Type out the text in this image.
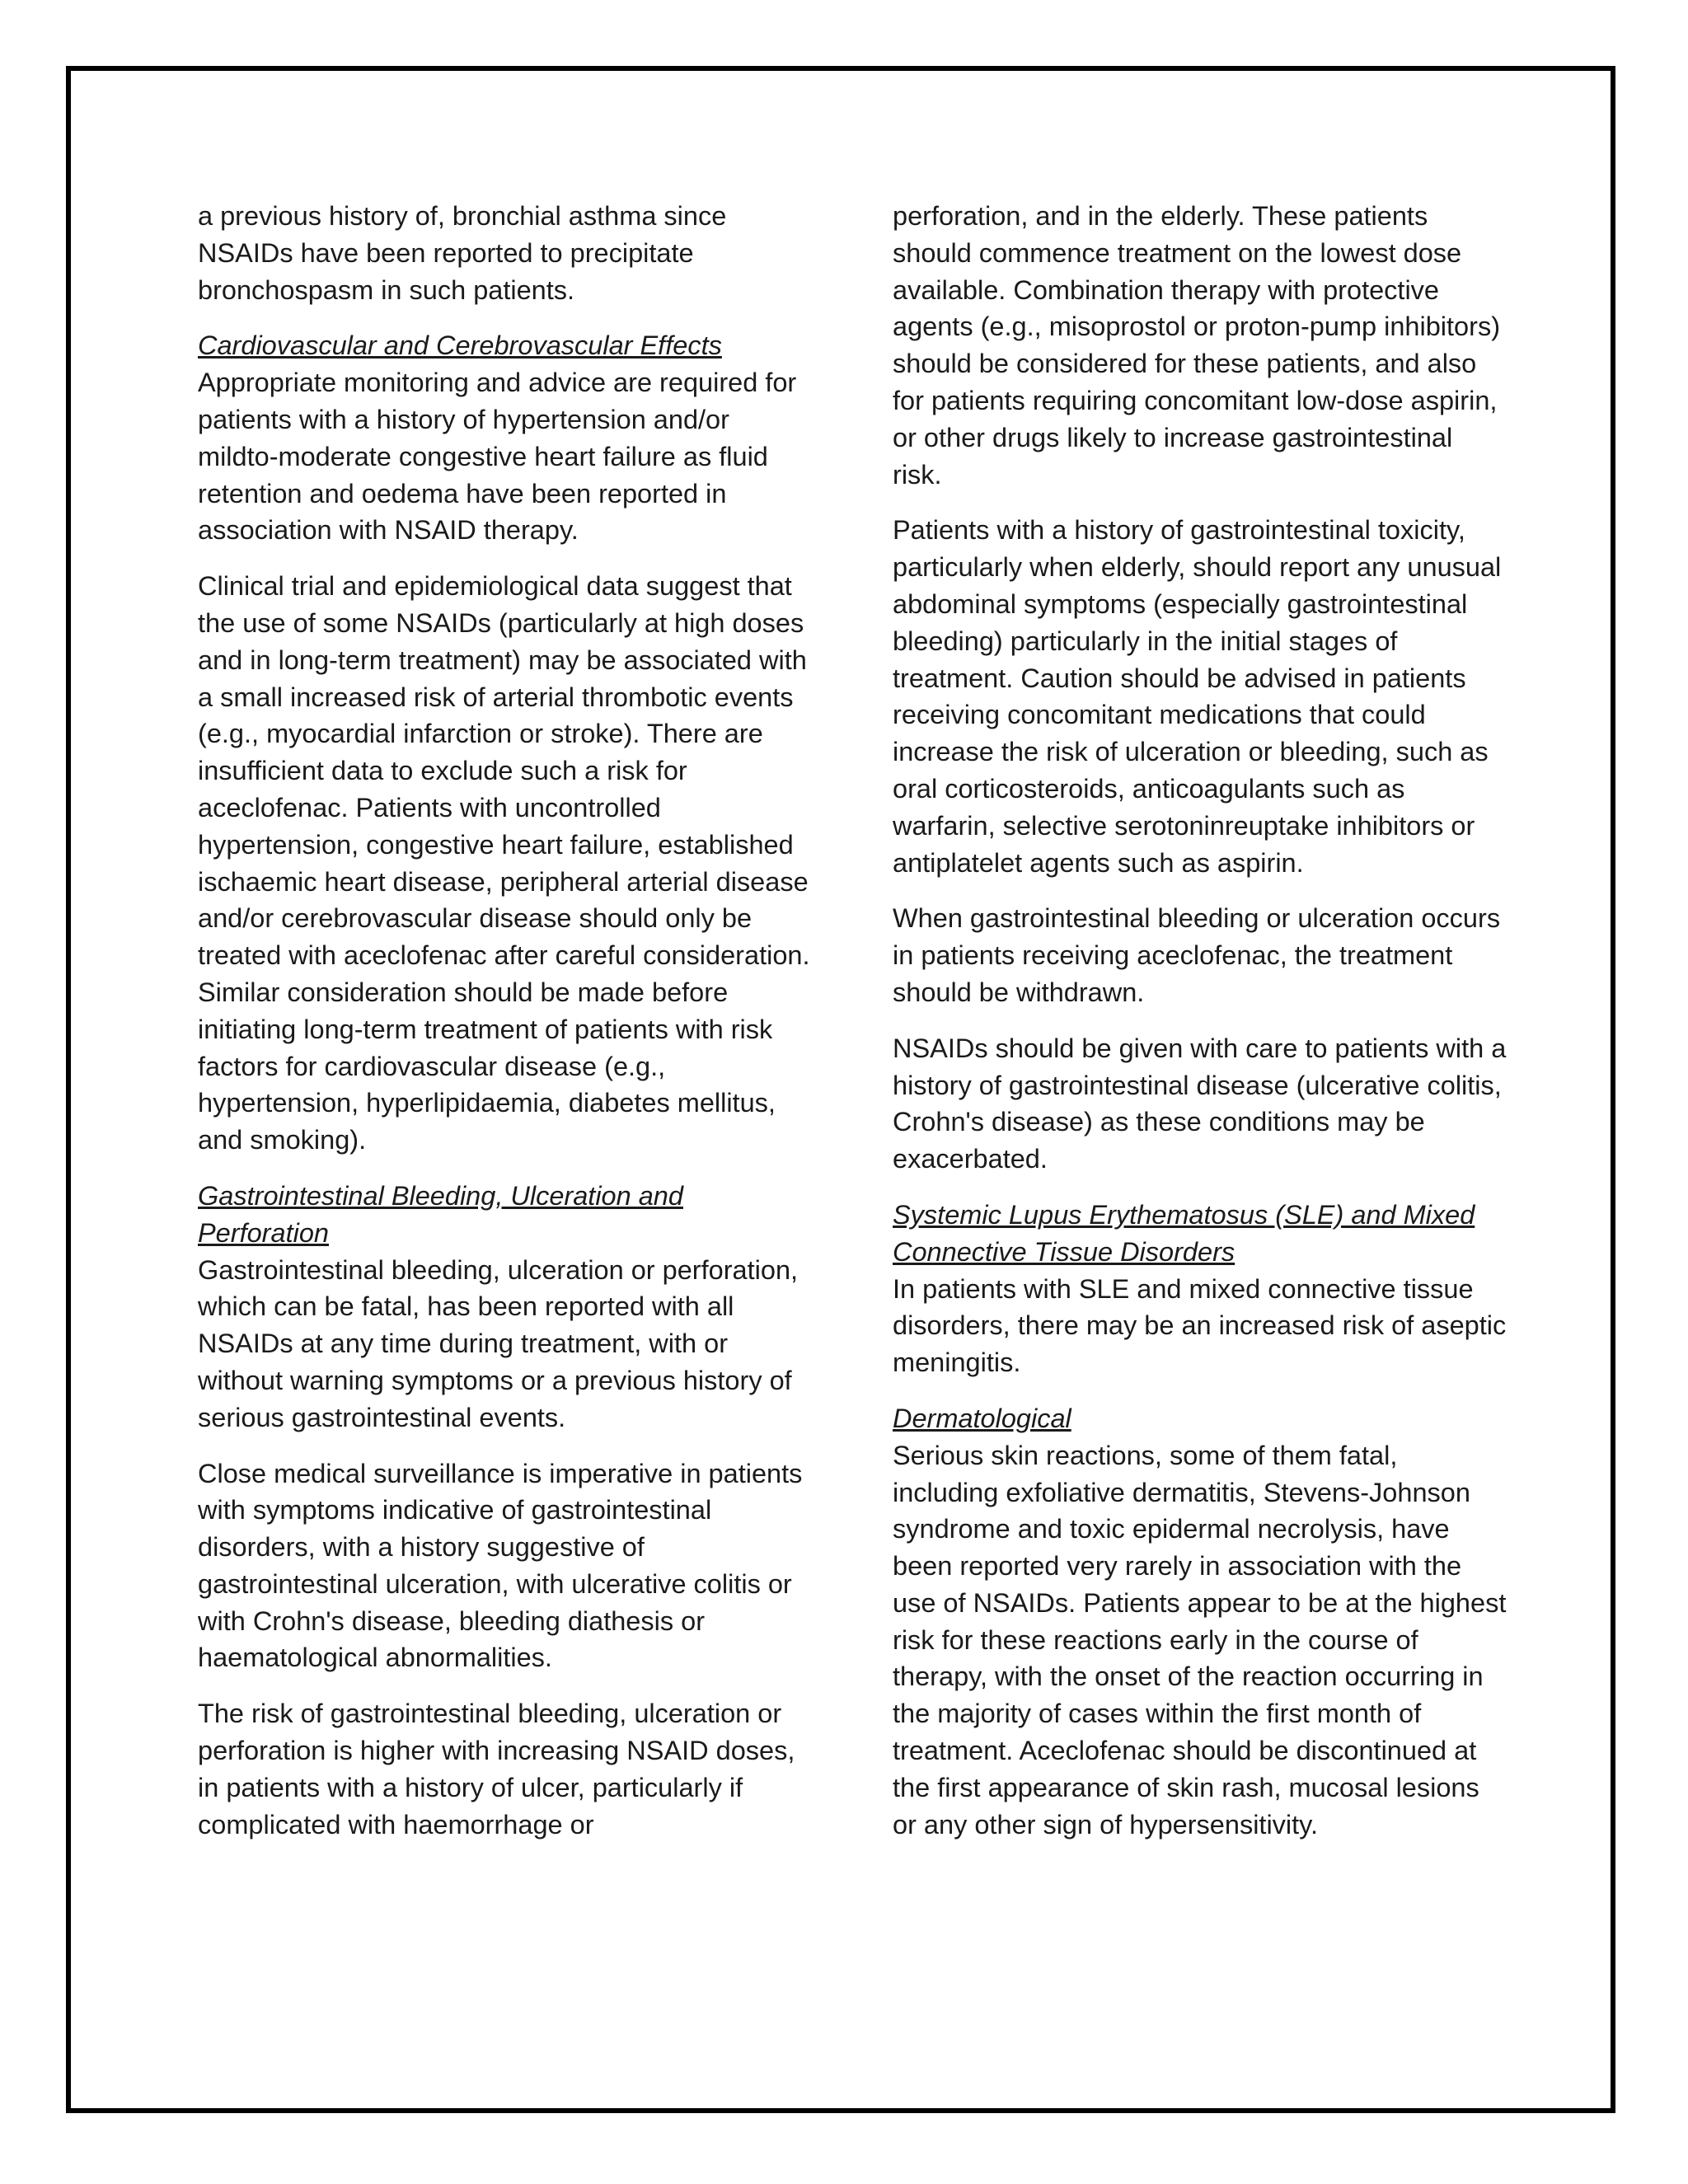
a previous history of, bronchial asthma since NSAIDs have been reported to precipitate bronchospasm in such patients.
Cardiovascular and Cerebrovascular Effects
Appropriate monitoring and advice are required for patients with a history of hypertension and/or mildto-moderate congestive heart failure as fluid retention and oedema have been reported in association with NSAID therapy.
Clinical trial and epidemiological data suggest that the use of some NSAIDs (particularly at high doses and in long-term treatment) may be associated with a small increased risk of arterial thrombotic events (e.g., myocardial infarction or stroke). There are insufficient data to exclude such a risk for aceclofenac. Patients with uncontrolled hypertension, congestive heart failure, established ischaemic heart disease, peripheral arterial disease and/or cerebrovascular disease should only be treated with aceclofenac after careful consideration. Similar consideration should be made before initiating long-term treatment of patients with risk factors for cardiovascular disease (e.g., hypertension, hyperlipidaemia, diabetes mellitus, and smoking).
Gastrointestinal Bleeding, Ulceration and Perforation
Gastrointestinal bleeding, ulceration or perforation, which can be fatal, has been reported with all NSAIDs at any time during treatment, with or without warning symptoms or a previous history of serious gastrointestinal events.
Close medical surveillance is imperative in patients with symptoms indicative of gastrointestinal disorders, with a history suggestive of gastrointestinal ulceration, with ulcerative colitis or with Crohn's disease, bleeding diathesis or haematological abnormalities.
The risk of gastrointestinal bleeding, ulceration or perforation is higher with increasing NSAID doses, in patients with a history of ulcer, particularly if complicated with haemorrhage or
perforation, and in the elderly. These patients should commence treatment on the lowest dose available. Combination therapy with protective agents (e.g., misoprostol or proton-pump inhibitors) should be considered for these patients, and also for patients requiring concomitant low-dose aspirin, or other drugs likely to increase gastrointestinal risk.
Patients with a history of gastrointestinal toxicity, particularly when elderly, should report any unusual abdominal symptoms (especially gastrointestinal bleeding) particularly in the initial stages of treatment. Caution should be advised in patients receiving concomitant medications that could increase the risk of ulceration or bleeding, such as oral corticosteroids, anticoagulants such as warfarin, selective serotoninreuptake inhibitors or antiplatelet agents such as aspirin.
When gastrointestinal bleeding or ulceration occurs in patients receiving aceclofenac, the treatment should be withdrawn.
NSAIDs should be given with care to patients with a history of gastrointestinal disease (ulcerative colitis, Crohn's disease) as these conditions may be exacerbated.
Systemic Lupus Erythematosus (SLE) and Mixed Connective Tissue Disorders
In patients with SLE and mixed connective tissue disorders, there may be an increased risk of aseptic meningitis.
Dermatological
Serious skin reactions, some of them fatal, including exfoliative dermatitis, Stevens-Johnson syndrome and toxic epidermal necrolysis, have been reported very rarely in association with the use of NSAIDs. Patients appear to be at the highest risk for these reactions early in the course of therapy, with the onset of the reaction occurring in the majority of cases within the first month of treatment. Aceclofenac should be discontinued at the first appearance of skin rash, mucosal lesions or any other sign of hypersensitivity.
